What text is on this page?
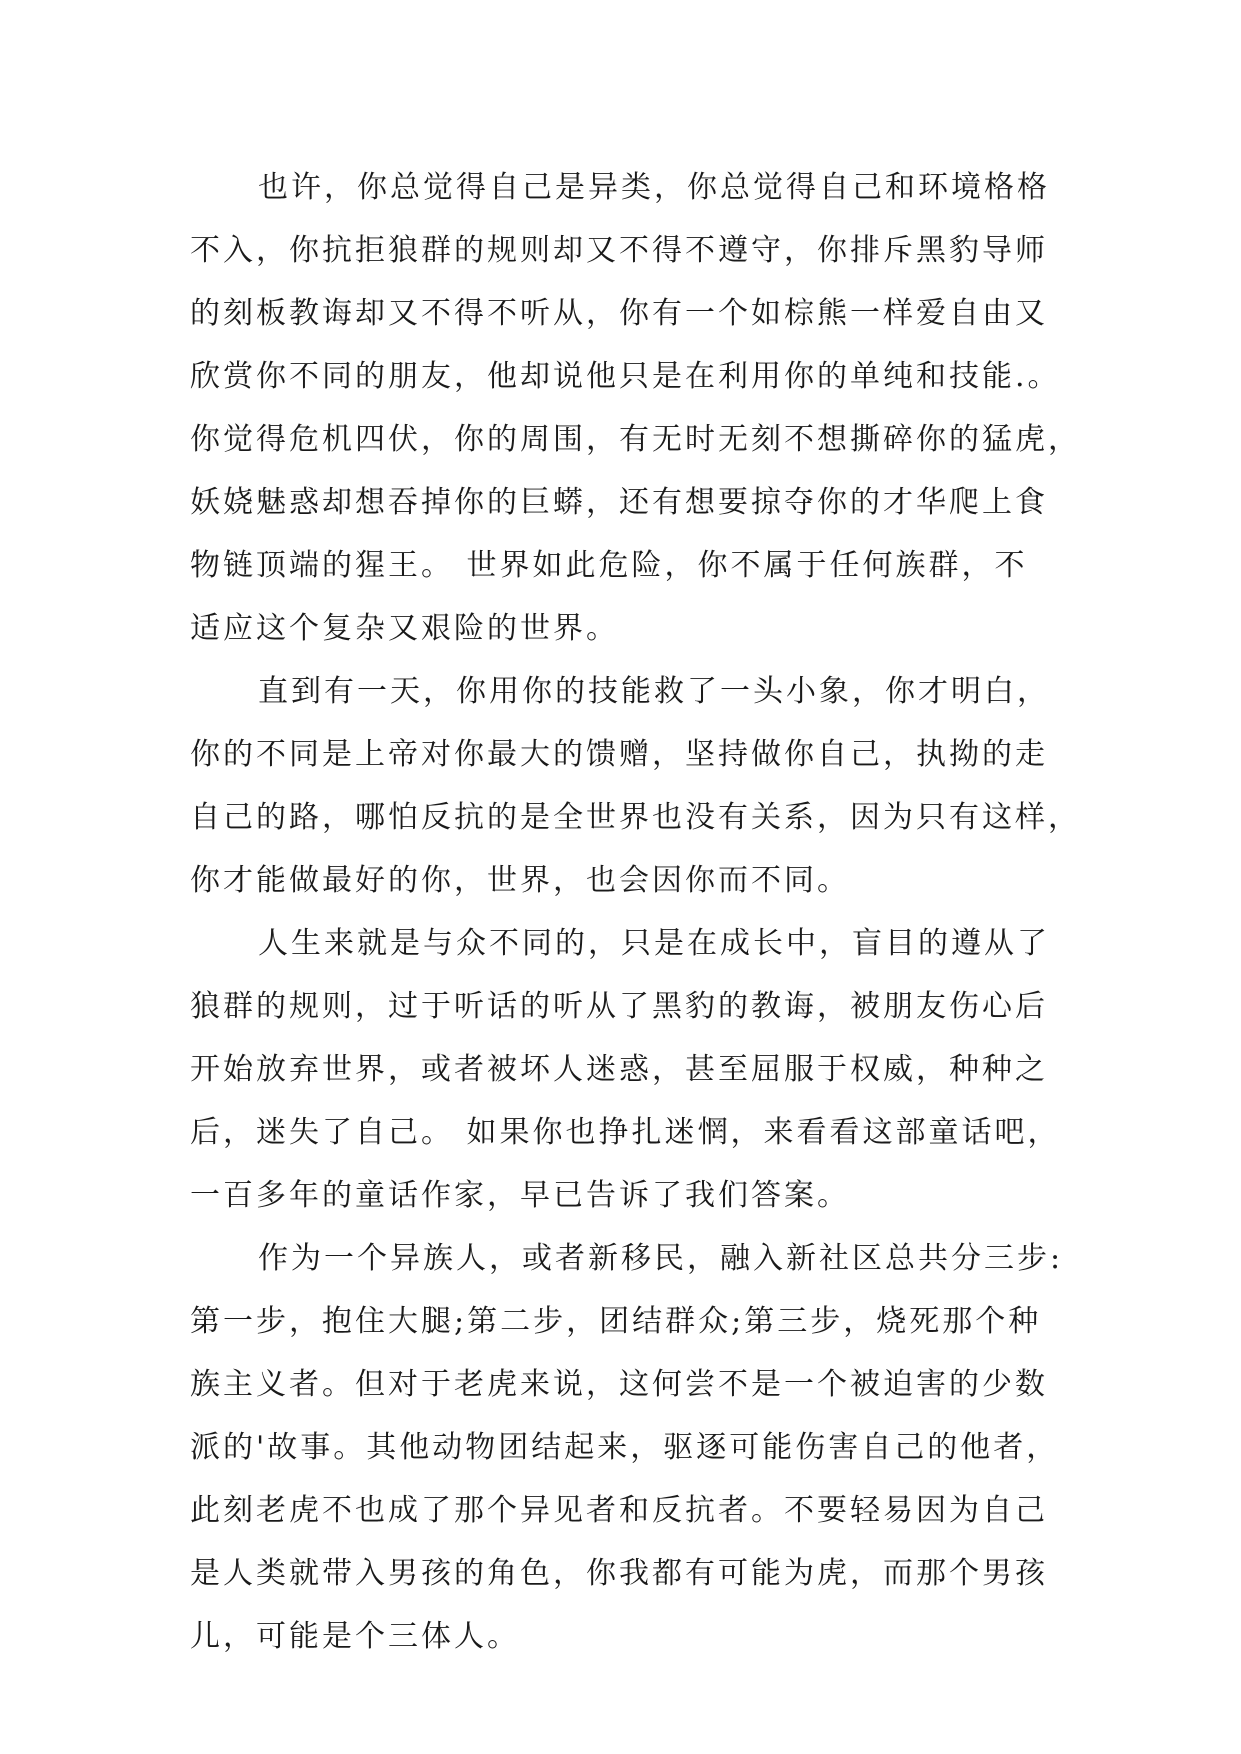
也许，你总觉得自己是异类，你总觉得自己和环境格格
不入，你抗拒狼群的规则却又不得不遵守，你排斥黑豹导师
的刻板教诲却又不得不听从，你有一个如棕熊一样爱自由又
欣赏你不同的朋友，他却说他只是在利用你的单纯和技能.。
你觉得危机四伏，你的周围，有无时无刻不想撕碎你的猛虎，
妖娆魅惑却想吞掉你的巨蟒，还有想要掠夺你的才华爬上食
物链顶端的猩王。 世界如此危险，你不属于任何族群，不
适应这个复杂又艰险的世界。
直到有一天，你用你的技能救了一头小象，你才明白，
你的不同是上帝对你最大的馈赠，坚持做你自己，执拗的走
自己的路，哪怕反抗的是全世界也没有关系，因为只有这样，
你才能做最好的你，世界，也会因你而不同。
人生来就是与众不同的，只是在成长中，盲目的遵从了
狼群的规则，过于听话的听从了黑豹的教诲，被朋友伤心后
开始放弃世界，或者被坏人迷惑，甚至屈服于权威，种种之
后，迷失了自己。 如果你也挣扎迷惘，来看看这部童话吧，
一百多年的童话作家，早已告诉了我们答案。
作为一个异族人，或者新移民，融入新社区总共分三步:
第一步，抱住大腿;第二步，团结群众;第三步，烧死那个种
族主义者。但对于老虎来说，这何尝不是一个被迫害的少数
派的'故事。其他动物团结起来，驱逐可能伤害自己的他者，
此刻老虎不也成了那个异见者和反抗者。不要轻易因为自己
是人类就带入男孩的角色，你我都有可能为虎，而那个男孩
儿，可能是个三体人。
